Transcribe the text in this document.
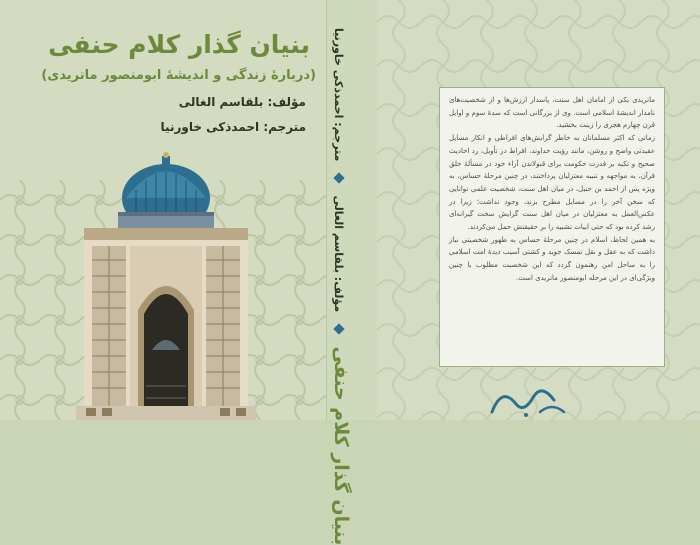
بنیان گذار کلام حنفی
(دربارهٔ زندگی و اندیشهٔ ابومنصور ماتریدی)
مؤلف: بلقاسم الغالی
مترجم: احمدذکی خاورنیا
بنیان گذار کلام حنفی  مؤلف: بلقاسم الغالی  مترجم: احمدذکی خاورنیا	ماتریدی یکی از امامان اهل سنت، پاسدار ارزش‌ها و از شخصیت‌های نامدار اندیشهٔ اسلامی است. وی از بزرگانی است که سدهٔ سوم و اوایل قرن چهارم هجری را زینت بخشید.

زمانی که اکثر مسلمانان به خاطر گرایش‌های افراطی و انکار مسایل عقیدتی واضح و روشن، مانند رؤیت خداوند، افراط در تأویل، رد احادیث صحیح و تکیه بر قدرت حکومت برای قبولاندن آراء خود در مسألهٔ خلق قرآن، به مواجهه و تنبیه معتزلیان پرداختند، در چنین مرحلهٔ حساس، به ویژه پس از احمد بن حنبل، در میان اهل سنت، شخصیت علمی توانایی که سخن آخر را در مسایل مطرح بزند، وجود نداشت؛ زیرا در عکس‌العمل به معتزلیان در میان اهل سنت گرایش سخت گیرانه‌ای رشد کرده بود که حتی ابیات تشبیه را بر حقیقتش حمل می‌کردند.

به همین لحاظ، اسلام در چنین مرحلهٔ حساس به ظهور شخصیتی نیاز داشت که به عقل و نقل تمسک جوید و کشتی آسیب دیدهٔ امت اسلامی را به ساحل امن رهنمون گردد که این شخصیت مطلوب با چنین ویژگی‌ای در این مرحله ابومنصور ماتریدی است.
